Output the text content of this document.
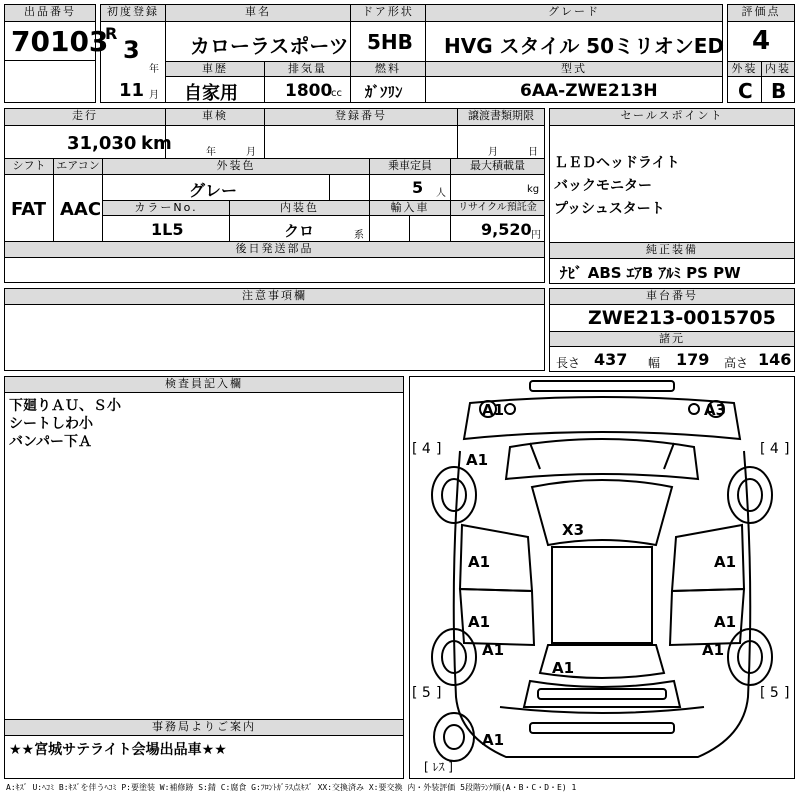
出品番号
70103
初度登録
R
3
年
11 月
車名
カローラスポーツ
ドア形状
5HB
グレード
HVG スタイル 50ミリオンED
評価点
4
車歴
自家用
排気量
1800
cc
燃料
ｶﾞｿﾘﾝ
型式
6AA-ZWE213H
外装
C
内装
B
走行
31,030 km
車検
年	月
登録番号	譲渡書類期限
月	日
シフト
FAT
エアコン
AAC
外装色
グレー
乗車定員
5 人
最大積載量
kg
カラーNo.
1L5
内装色
クロ	系
輸入車	リサイクル預託金
9,520 円
後日発送部品
セールスポイント
ＬＥＤヘッドライト
バックモニター
プッシュスタート
純正装備
ﾅﾋﾞ ABS ｴｱB ｱﾙﾐ PS PW
注意事項欄	車台番号
ZWE213-0015705
諸元
長さ 437 幅 179 高さ 146
検査員記入欄
下廻りＡＵ、Ｓ小
シートしわ小
バンパー下Ａ
事務局よりご案内
★★宮城サテライト会場出品車★★
A1	A3
A1
X3
A1	A1
A1	A1
A1	A1
A1
A1
[ 4 ]	[ 4 ]
[ 5 ]	[ 5 ]
[ ﾚｽ ]
A:ｷｽﾞ U:ﾍｺﾐ B:ｷｽﾞを伴うﾍｺﾐ P:要塗装 W:補修跡 S:錆 C:腐食 G:ﾌﾛﾝﾄｶﾞﾗｽ点ｷｽﾞ XX:交換済み X:要交換 内・外装評価 5段階ﾗﾝｸ順(A・B・C・D・E) 1
